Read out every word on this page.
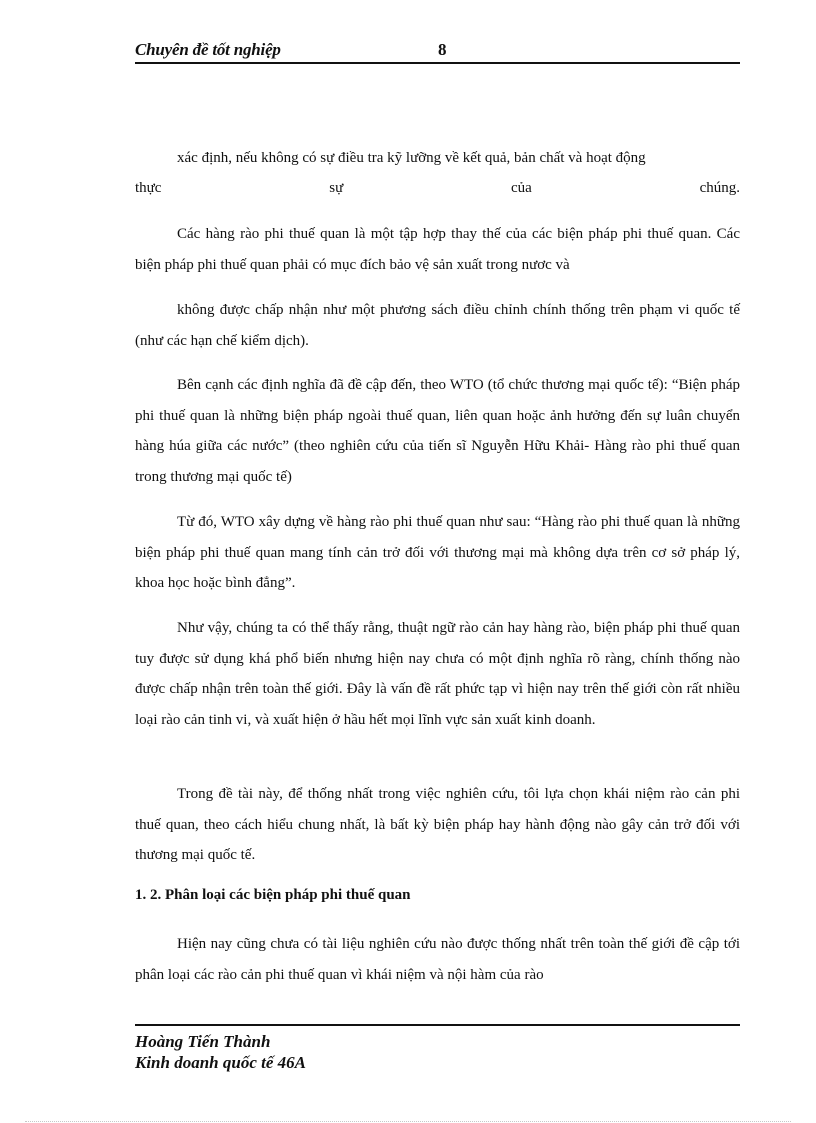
Chuyên đề tốt nghiệp	8

xác định, nếu không có sự điều tra kỹ lưỡng về kết quả, bản chất và hoạt động

thực sự của chúng.

Các hàng rào phi thuế quan là một tập hợp thay thế của các biện pháp phi thuế quan. Các biện pháp phi thuế quan phải có mục đích bảo vệ sản xuất trong nươc và

không được chấp nhận như một phương sách điều chỉnh chính thống trên phạm vi quốc tế (như các hạn chế kiểm dịch).

Bên cạnh các định nghĩa đã đề cập đến, theo WTO (tổ chức thương mại quốc tế): “Biện pháp phi thuế quan là những biện pháp ngoài thuế quan, liên quan hoặc ảnh hưởng đến sự luân chuyển hàng húa giữa các nước” (theo nghiên cứu của tiến sĩ Nguyễn Hữu Khải- Hàng rào phi thuế quan trong thương mại quốc tế)

Từ đó, WTO xây dựng về hàng rào phi thuế quan như sau: “Hàng rào phi thuế quan là những biện pháp phi thuế quan mang tính cản trở đối với thương mại mà không dựa trên cơ sở pháp lý, khoa học hoặc bình đẳng”.

Như vậy, chúng ta có thể thấy rằng, thuật ngữ rào cản hay hàng rào, biện pháp phi thuế quan tuy được sử dụng khá phổ biến nhưng hiện nay chưa có một định nghĩa rõ ràng, chính thống nào được chấp nhận trên toàn thế giới. Đây là vấn đề rất phức tạp vì hiện nay trên thế giới còn rất nhiều loại rào cản tinh vi, và xuất hiện ở hầu hết mọi lĩnh vực sản xuất kinh doanh.

Trong đề tài này, để thống nhất trong việc nghiên cứu, tôi lựa chọn khái niệm rào cản phi thuế quan, theo cách hiểu chung nhất, là bất kỳ biện pháp hay hành động nào gây cản trở đối với thương mại quốc tế.

1. 2. Phân loại các biện pháp phi thuế quan

Hiện nay cũng chưa có tài liệu nghiên cứu nào được thống nhất trên toàn thế giới đề cập tới phân loại các rào cản phi thuế quan vì khái niệm và nội hàm của rào

Hoàng Tiến Thành
Kinh doanh quốc tế 46A
